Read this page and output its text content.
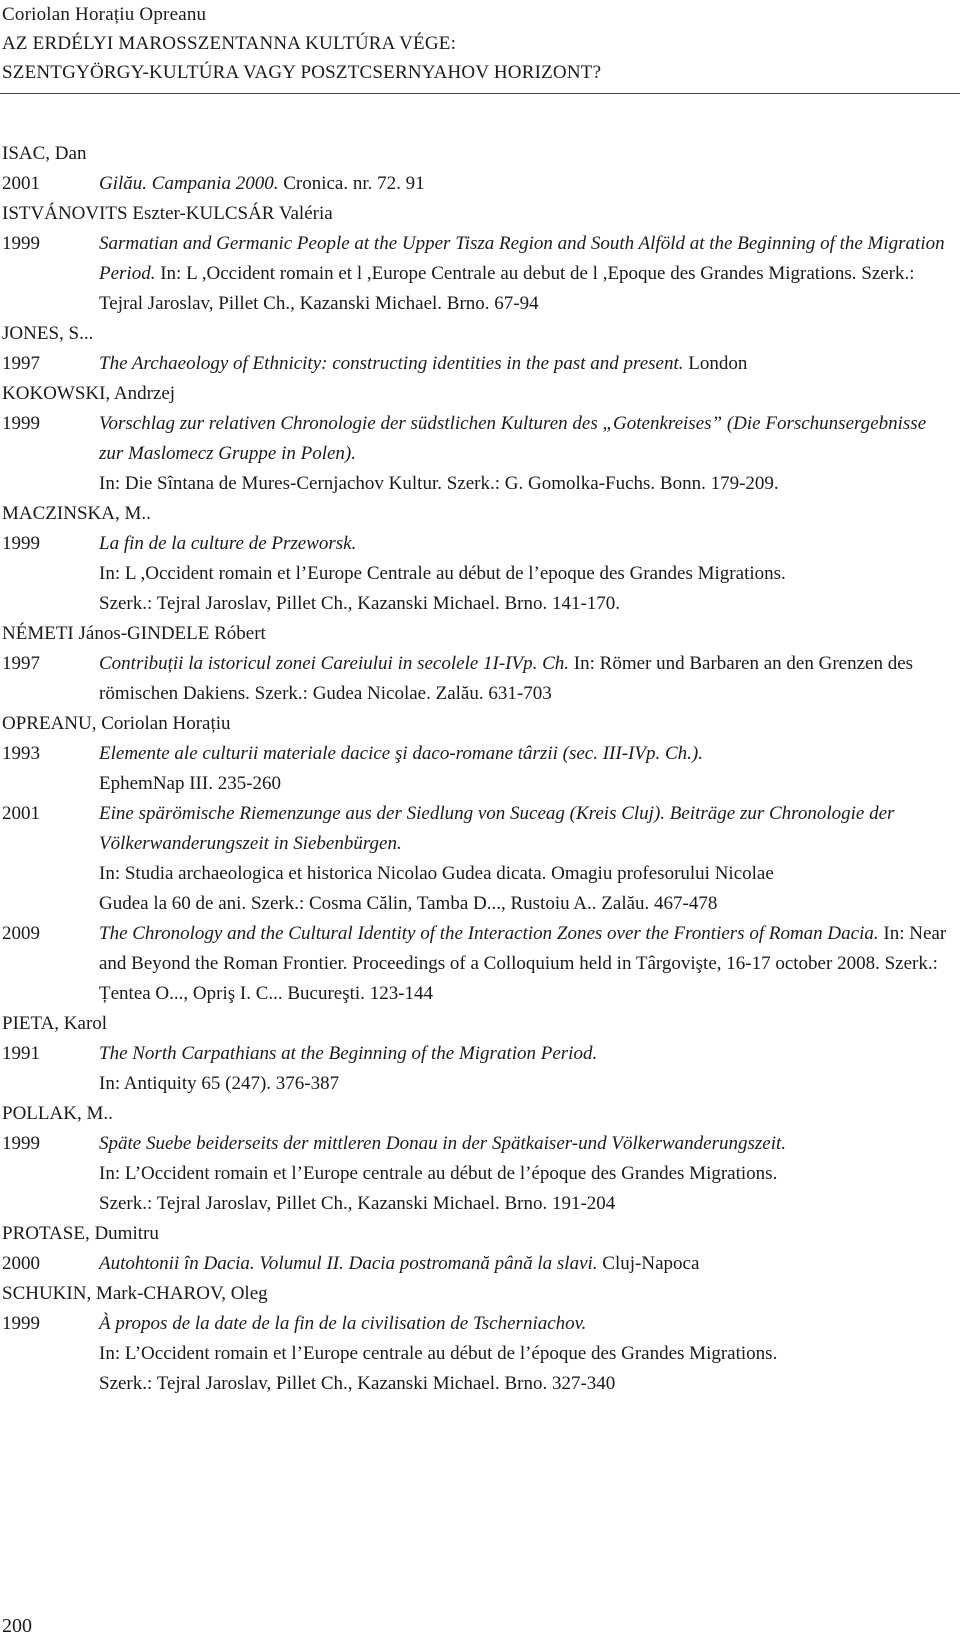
Coriolan Horațiu Opreanu
AZ ERDÉLYI MAROSSZENTANNA KULTÚRA VÉGE:
SZENTGYÖRGY-KULTÚRA VAGY POSZTCSERNYAHOV HORIZONT?
ISAC, Dan
2001	Gilău. Campania 2000. Cronica. nr. 72. 91
ISTVÁNOVITS Eszter-KULCSÁR Valéria
1999	Sarmatian and Germanic People at the Upper Tisza Region and South Alföld at the Beginning of the Migration Period. In: L ,Occident romain et l ,Europe Centrale au debut de l ,Epoque des Grandes Migrations. Szerk.: Tejral Jaroslav, Pillet Ch., Kazanski Michael. Brno. 67-94
JONES, S...
1997	The Archaeology of Ethnicity: constructing identities in the past and present. London
KOKOWSKI, Andrzej
1999	Vorschlag zur relativen Chronologie der südstlichen Kulturen des „Gotenkreises” (Die Forschunsergebnisse zur Maslomecz Gruppe in Polen).
In: Die Sîntana de Mures-Cernjachov Kultur. Szerk.: G. Gomolka-Fuchs. Bonn. 179-209.
MACZINSKA, M..
1999	La fin de la culture de Przeworsk.
In: L ,Occident romain et l’Europe Centrale au début de l’epoque des Grandes Migrations.
Szerk.: Tejral Jaroslav, Pillet Ch., Kazanski Michael. Brno. 141-170.
NÉMETI János-GINDELE Róbert
1997	Contribuții la istoricul zonei Careiului in secolele 1I-IVp. Ch. In: Römer und Barbaren an den Grenzen des römischen Dakiens. Szerk.: Gudea Nicolae. Zalău. 631-703
OPREANU, Coriolan Horațiu
1993	Elemente ale culturii materiale dacice şi daco-romane târzii (sec. III-IVp. Ch.).
EphemNap III. 235-260
2001	Eine spärömische Riemenzunge aus der Siedlung von Suceag (Kreis Cluj). Beiträge zur Chronologie der Völkerwanderungszeit in Siebenbürgen.
In: Studia archaeologica et historica Nicolao Gudea dicata. Omagiu profesorului Nicolae
Gudea la 60 de ani. Szerk.: Cosma Călin, Tamba D..., Rustoiu A.. Zalău. 467-478
2009	The Chronology and the Cultural Identity of the Interaction Zones over the Frontiers of Roman Dacia. In: Near and Beyond the Roman Frontier. Proceedings of a Colloquium held in Târgovişte, 16-17 october 2008. Szerk.: Țentea O..., Opriş I. C... Bucureşti. 123-144
PIETA, Karol
1991	The North Carpathians at the Beginning of the Migration Period.
In: Antiquity 65 (247). 376-387
POLLAK, M..
1999	Späte Suebe beiderseits der mittleren Donau in der Spätkaiser-und Völkerwanderungszeit.
In: L’Occident romain et l’Europe centrale au début de l’époque des Grandes Migrations.
Szerk.: Tejral Jaroslav, Pillet Ch., Kazanski Michael. Brno. 191-204
PROTASE, Dumitru
2000	Autohtonii în Dacia. Volumul II. Dacia postromană până la slavi. Cluj-Napoca
SCHUKIN, Mark-CHAROV, Oleg
1999	À propos de la date de la fin de la civilisation de Tscherniachov.
In: L’Occident romain et l’Europe centrale au début de l’époque des Grandes Migrations.
Szerk.: Tejral Jaroslav, Pillet Ch., Kazanski Michael. Brno. 327-340
200
